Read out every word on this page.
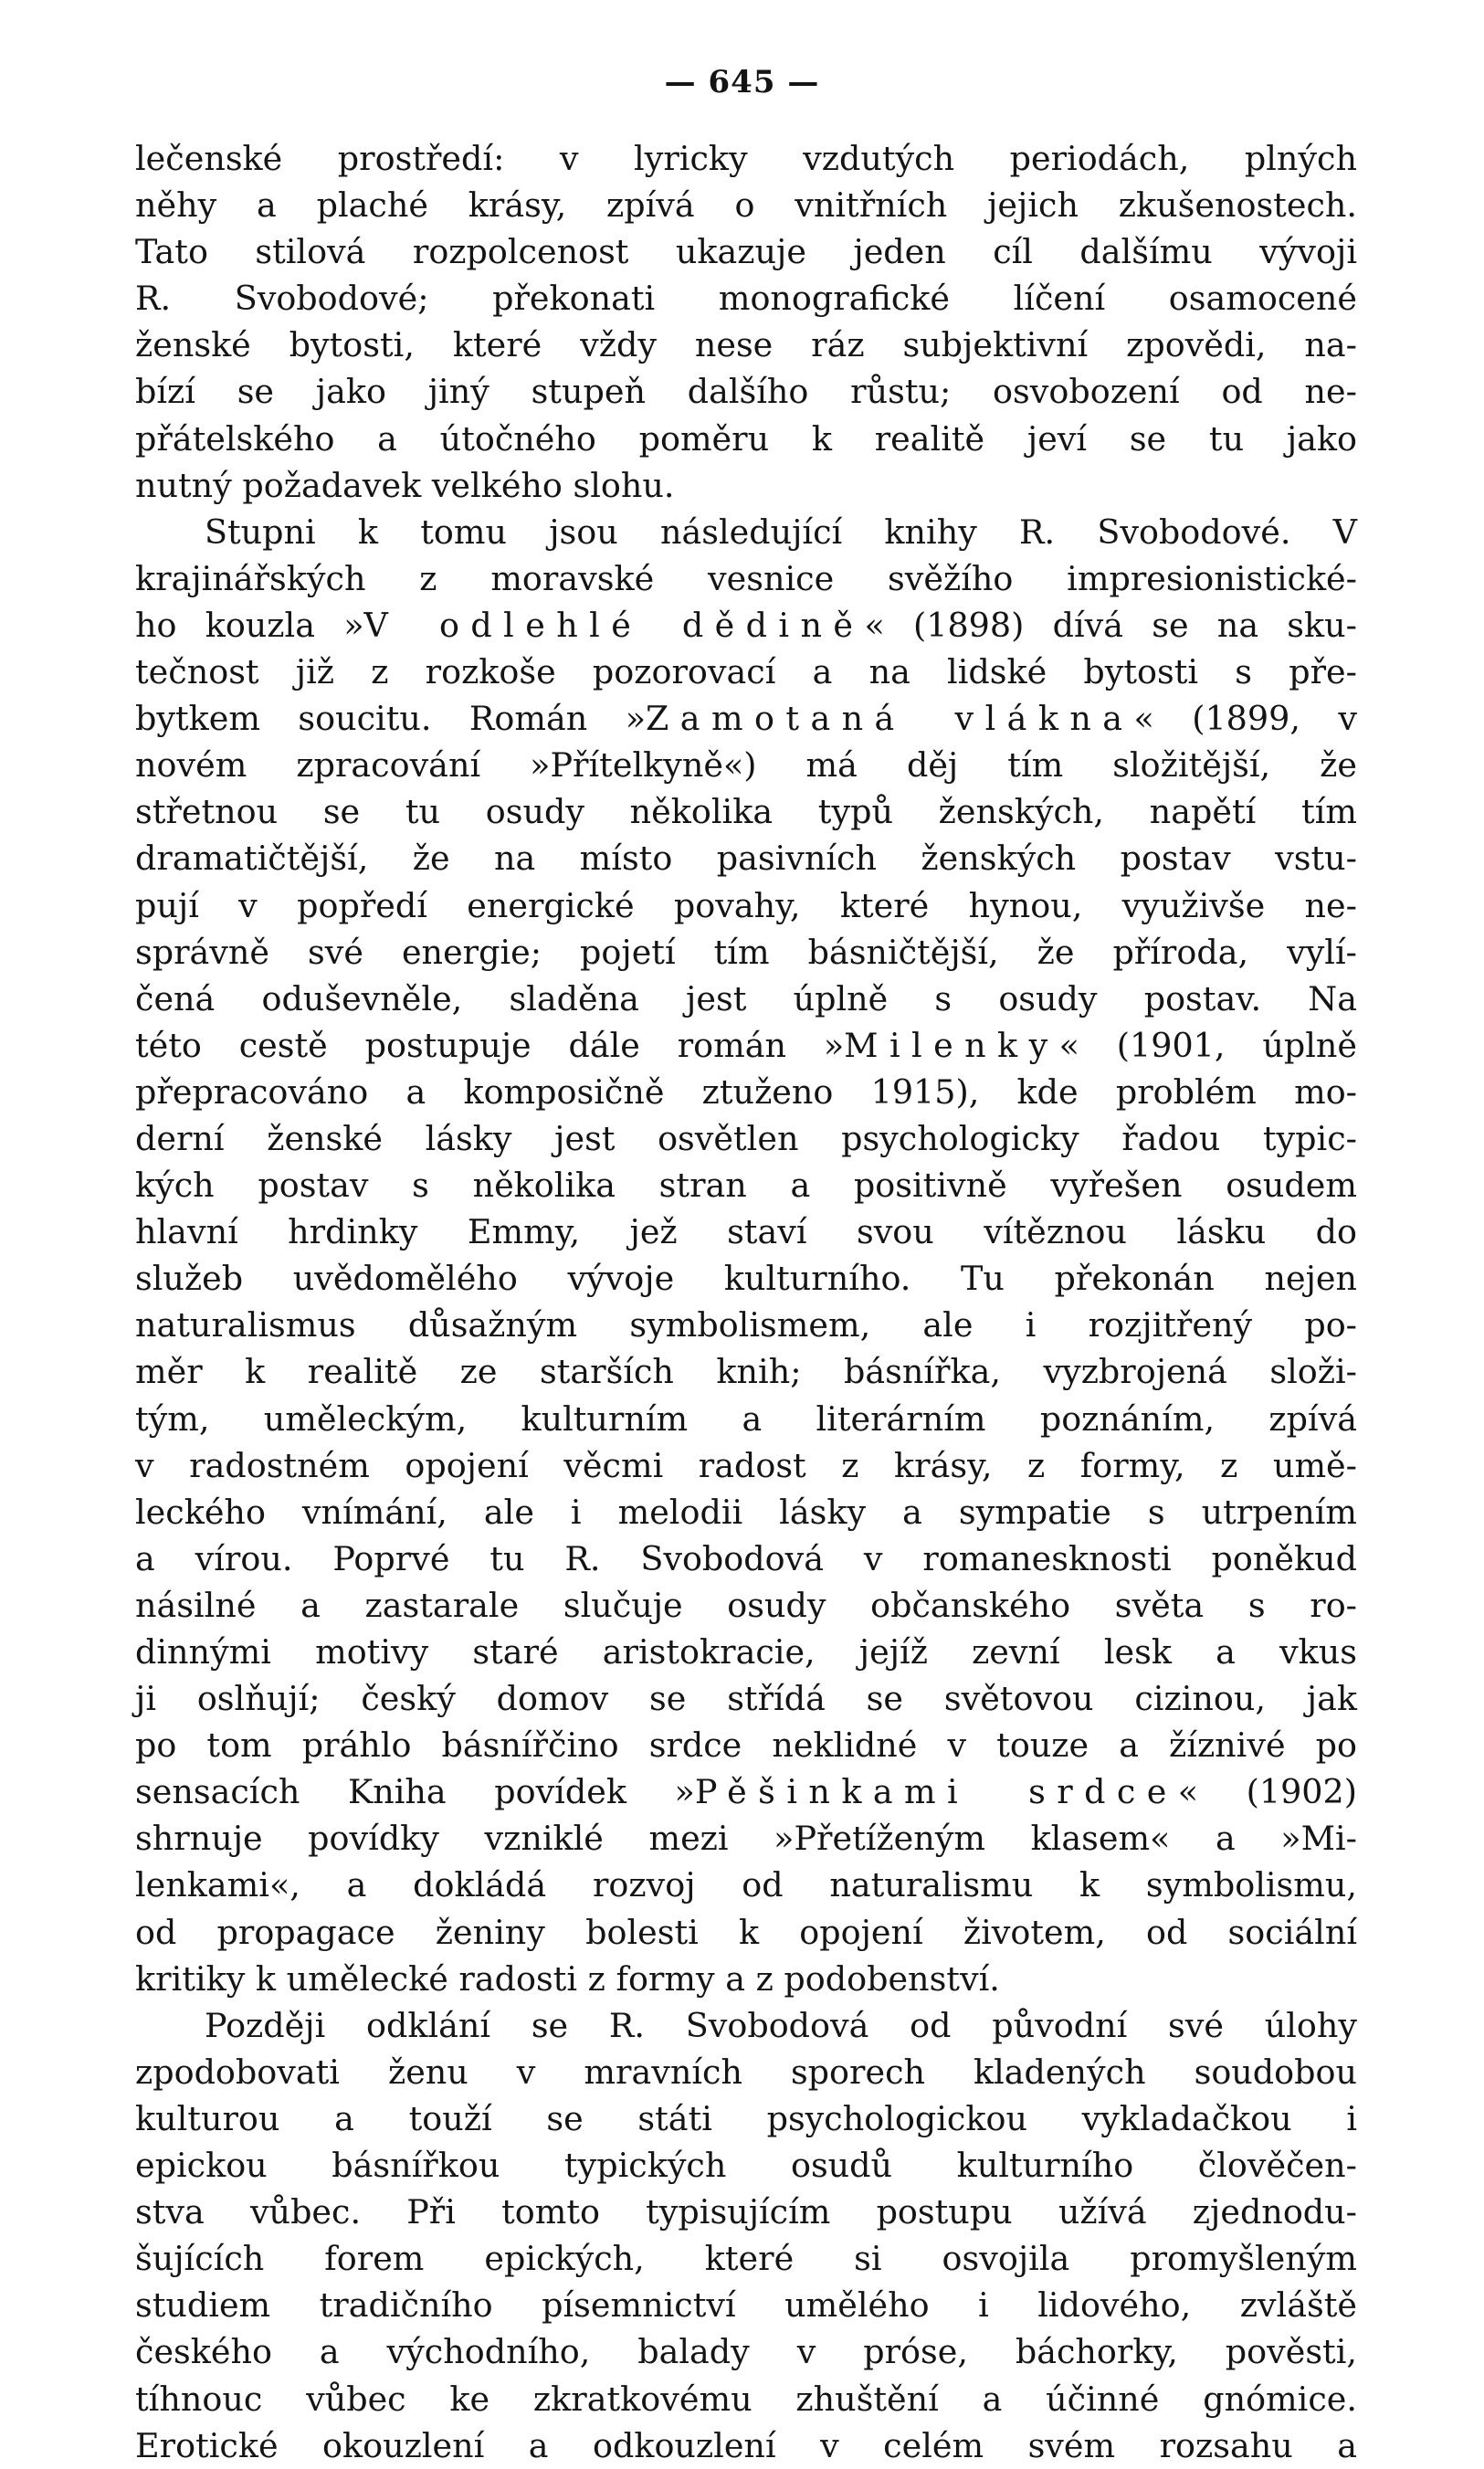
— 645 —
lečenské prostředí: v lyricky vzdutých periodách, plných
něhy a plaché krásy, zpívá o vnitřních jejich zkušenostech.
Tato stilová rozpolcenost ukazuje jeden cíl dalšímu vývoji
R. Svobodové; překonati monografické líčení osamocené
ženské bytosti, které vždy nese ráz subjektivní zpovědi, na-
bízí se jako jiný stupeň dalšího růstu; osvobození od ne-
přátelského a útočného poměru k realitě jeví se tu jako
nutný požadavek velkého slohu.
Stupni k tomu jsou následující knihy R. Svobodové. V
krajinářských z moravské vesnice svěžího impresionistické-
ho kouzla »V odlehlé dědině« (1898) dívá se na sku-
tečnost již z rozkoše pozorovací a na lidské bytosti s pře-
bytkem soucitu. Román »Zamotaná vlákna« (1899, v
novém zpracování »Přítelkyně«) má děj tím složitější, že
střetnou se tu osudy několika typů ženských, napětí tím
dramatičtější, že na místo pasivních ženských postav vstu-
pují v popředí energické povahy, které hynou, využivše ne-
správně své energie; pojetí tím básničtější, že příroda, vylí-
čená oduševněle, sladěna jest úplně s osudy postav. Na
této cestě postupuje dále román »Milenky« (1901, úplně
přepracováno a komposičně ztuženo 1915), kde problém mo-
derní ženské lásky jest osvětlen psychologicky řadou typic-
kých postav s několika stran a positivně vyřešen osudem
hlavní hrdinky Emmy, jež staví svou vítěznou lásku do
služeb uvědomělého vývoje kulturního. Tu překonán nejen
naturalismus důsažným symbolismem, ale i rozjitřený po-
měr k realitě ze starších knih; básnířka, vyzbrojená složi-
tým, uměleckým, kulturním a literárním poznáním, zpívá
v radostném opojení věcmi radost z krásy, z formy, z umě-
leckého vnímání, ale i melodii lásky a sympatie s utrpením
a vírou. Poprvé tu R. Svobodová v romanesknosti poněkud
násilné a zastarale slučuje osudy občanského světa s ro-
dinnými motivy staré aristokracie, jejíž zevní lesk a vkus
ji oslňují; český domov se střídá se světovou cizinou, jak
po tom práhlo básnířčino srdce neklidné v touze a žíznivé po
sensacích Kniha povídek »Pěšinkami srdce« (1902)
shrnuje povídky vzniklé mezi »Přetíženým klasem« a »Mi-
lenkami«, a dokládá rozvoj od naturalismu k symbolismu,
od propagace ženiny bolesti k opojení životem, od sociální
kritiky k umělecké radosti z formy a z podobenství.
Později odklání se R. Svobodová od původní své úlohy
zpodobovati ženu v mravních sporech kladených soudobou
kulturou a touží se státi psychologickou vykladačkou i
epickou básnířkou typických osudů kulturního člověčen-
stva vůbec. Při tomto typisujícím postupu užívá zjednodu-
šujících forem epických, které si osvojila promyšleným
studiem tradičního písemnictví umělého i lidového, zvláště
českého a východního, balady v próse, báchorky, pověsti,
tíhnouc vůbec ke zkratkovému zhuštění a účinné gnómice.
Erotické okouzlení a odkouzlení v celém svém rozsahu a
